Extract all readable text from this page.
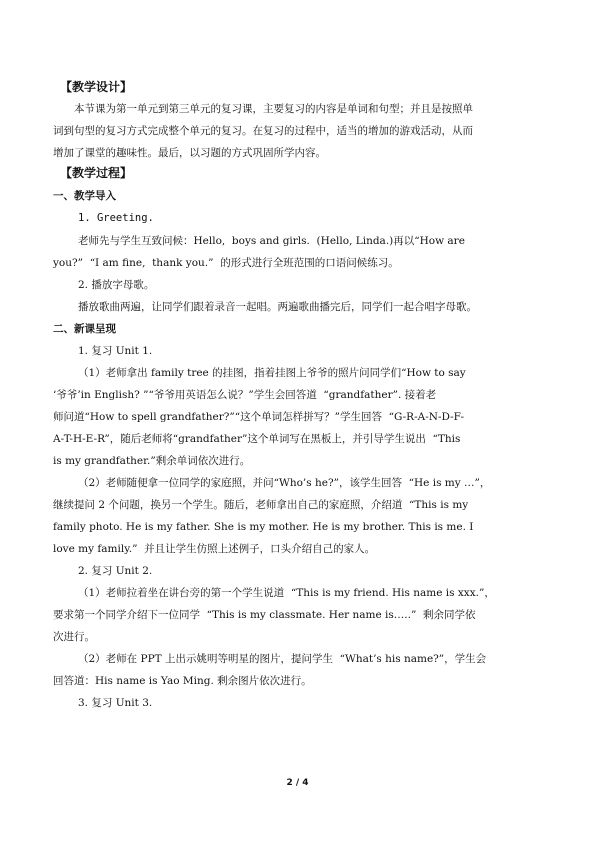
【教学设计】
本节课为第一单元到第三单元的复习课，主要复习的内容是单词和句型；并且是按照单
词到句型的复习方式完成整个单元的复习。在复习的过程中，适当的增加的游戏活动，从而
增加了课堂的趣味性。最后，以习题的方式巩固所学内容。
【教学过程】
一、教学导入
1. Greeting.
老师先与学生互致问候：Hello,  boys and girls.  (Hello, Linda.)再以“How are
you?”  “I am fine,  thank you.”  的形式进行全班范围的口语问候练习。
2. 播放字母歌。
播放歌曲两遍，让同学们跟着录音一起唱。两遍歌曲播完后，同学们一起合唱字母歌。
二、新课呈现
1. 复习 Unit 1.
（1）老师拿出 family tree 的挂图，指着挂图上爷爷的照片问同学们“How to say
‘爷爷’in English? ”“爷爷用英语怎么说？”学生会回答道  “grandfather”. 接着老
师问道“How to spell grandfather?”“这个单词怎样拼写？”学生回答  “G-R-A-N-D-F-
A-T-H-E-R”，随后老师将“grandfather”这个单词写在黑板上，并引导学生说出  “This
is my grandfather.”剩余单词依次进行。
（2）老师随便拿一位同学的家庭照，并问“Who’s he?”，该学生回答  “He is my …”，
继续提问 2 个问题，换另一个学生。随后，老师拿出自己的家庭照，介绍道  “This is my
family photo. He is my father. She is my mother. He is my brother. This is me. I
love my family.”  并且让学生仿照上述例子，口头介绍自己的家人。
2. 复习 Unit 2.
（1）老师拉着坐在讲台旁的第一个学生说道  “This is my friend. His name is xxx.”，
要求第一个同学介绍下一位同学  “This is my classmate. Her name is…..”  剩余同学依
次进行。
（2）老师在 PPT 上出示姚明等明星的图片，提问学生  “What’s his name?”，学生会
回答道：His name is Yao Ming. 剩余图片依次进行。
3. 复习 Unit 3.
2 / 4
